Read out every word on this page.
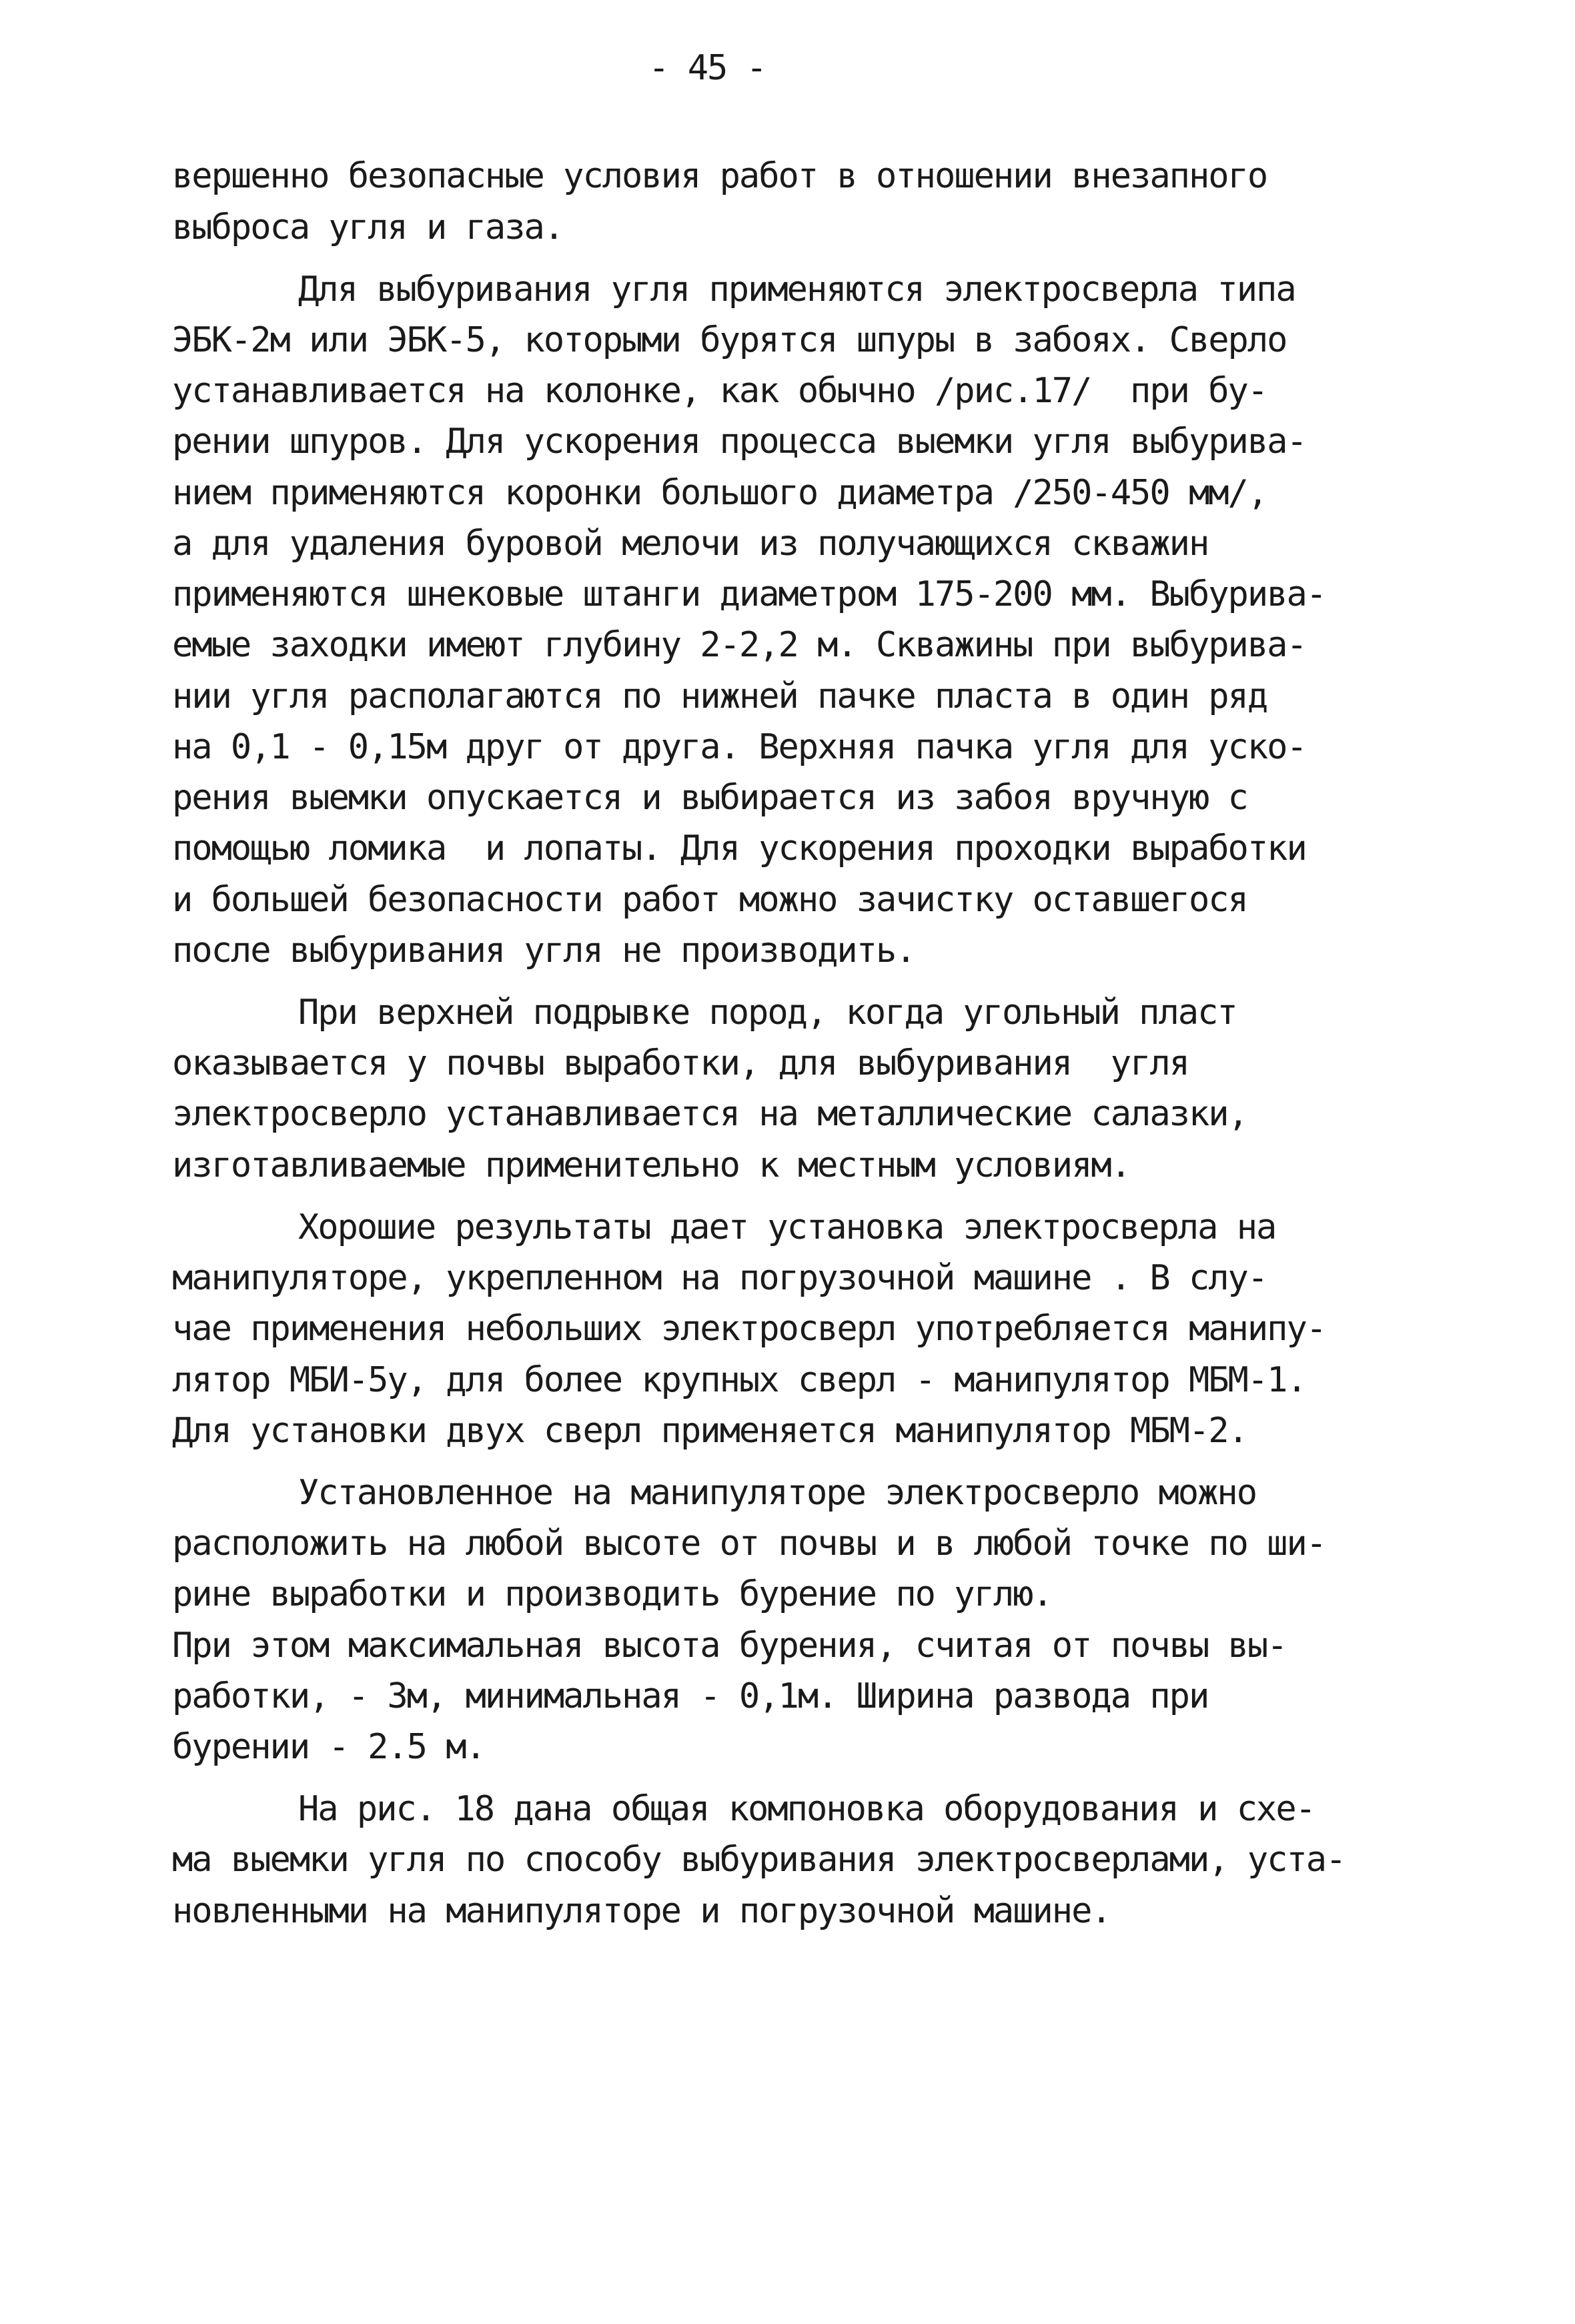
- 45 -
вершенно безопасные условия работ в отношении внезапного
выброса угля и газа.
Для выбуривания угля применяются электросверла типа
ЭБК-2м или ЭБК-5, которыми бурятся шпуры в забоях. Сверло
устанавливается на колонке, как обычно /рис.17/  при бу-
рении шпуров. Для ускорения процесса выемки угля выбурива-
нием применяются коронки большого диаметра /250-450 мм/,
а для удаления буровой мелочи из получающихся скважин
применяются шнековые штанги диаметром 175-200 мм. Выбурива-
емые заходки имеют глубину 2-2,2 м. Скважины при выбурива-
нии угля располагаются по нижней пачке пласта в один ряд
на 0,1 - 0,15м друг от друга. Верхняя пачка угля для уско-
рения выемки опускается и выбирается из забоя вручную с
помощью ломика  и лопаты. Для ускорения проходки выработки
и большей безопасности работ можно зачистку оставшегося
после выбуривания угля не производить.
При верхней подрывке пород, когда угольный пласт
оказывается у почвы выработки, для выбуривания  угля
электросверло устанавливается на металлические салазки,
изготавливаемые применительно к местным условиям.
Хорошие результаты дает установка электросверла на
манипуляторе, укрепленном на погрузочной машине . В слу-
чае применения небольших электросверл употребляется манипу-
лятор МБИ-5у, для более крупных сверл - манипулятор МБМ-1.
Для установки двух сверл применяется манипулятор МБМ-2.
Установленное на манипуляторе электросверло можно
расположить на любой высоте от почвы и в любой точке по ши-
рине выработки и производить бурение по углю.
При этом максимальная высота бурения, считая от почвы вы-
работки, - 3м, минимальная - 0,1м. Ширина развода при
бурении - 2.5 м.
На рис. 18 дана общая компоновка оборудования и схе-
ма выемки угля по способу выбуривания электросверлами, уста-
новленными на манипуляторе и погрузочной машине.
